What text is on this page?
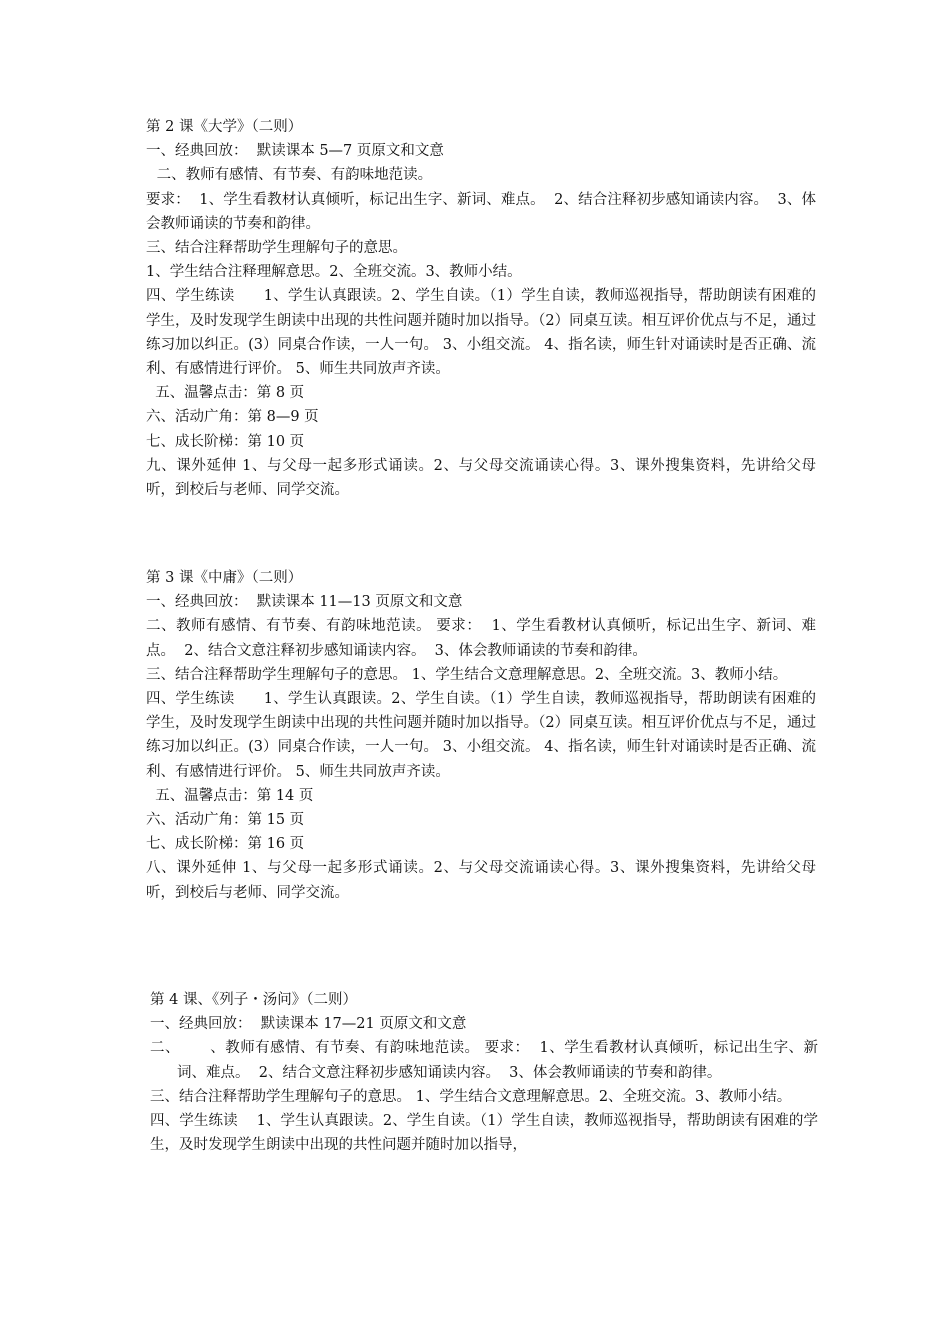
第 2 课《大学》（二则）

一、经典回放：  默读课本 5—7 页原文和文意

二、教师有感情、有节奏、有韵味地范读。

要求：  1、学生看教材认真倾听，标记出生字、新词、难点。  2、结合注释初步感知诵读内容。  3、体会教师诵读的节奏和韵律。

三、结合注释帮助学生理解句子的意思。

1、学生结合注释理解意思。2、全班交流。3、教师小结。

四、学生练读      1、学生认真跟读。2、学生自读。（1）学生自读，教师巡视指导，帮助朗读有困难的学生，及时发现学生朗读中出现的共性问题并随时加以指导。（2）同桌互读。相互评价优点与不足，通过练习加以纠正。(3）同桌合作读，一人一句。 3、小组交流。 4、指名读，师生针对诵读时是否正确、流利、有感情进行评价。 5、师生共同放声齐读。

五、温馨点击：第 8 页

六、活动广角：第 8—9 页

七、成长阶梯：第 10 页

九、课外延伸 1、与父母一起多形式诵读。2、与父母交流诵读心得。3、课外搜集资料，先讲给父母听，到校后与老师、同学交流。

第 3 课《中庸》（二则）

一、经典回放：  默读课本 11—13 页原文和文意

二、教师有感情、有节奏、有韵味地范读。 要求：  1、学生看教材认真倾听，标记出生字、新词、难点。  2、结合文意注释初步感知诵读内容。  3、体会教师诵读的节奏和韵律。

三、结合注释帮助学生理解句子的意思。 1、学生结合文意理解意思。2、全班交流。3、教师小结。

四、学生练读      1、学生认真跟读。2、学生自读。（1）学生自读，教师巡视指导，帮助朗读有困难的学生，及时发现学生朗读中出现的共性问题并随时加以指导。（2）同桌互读。相互评价优点与不足，通过练习加以纠正。(3）同桌合作读，一人一句。 3、小组交流。 4、指名读，师生针对诵读时是否正确、流利、有感情进行评价。 5、师生共同放声齐读。

五、温馨点击：第 14 页

六、活动广角：第 15 页

七、成长阶梯：第 16 页

八、课外延伸 1、与父母一起多形式诵读。2、与父母交流诵读心得。3、课外搜集资料，先讲给父母听，到校后与老师、同学交流。

第 4 课、《列子・汤问》（二则）

一、经典回放：  默读课本 17—21 页原文和文意

二、      、教师有感情、有节奏、有韵味地范读。 要求：  1、学生看教材认真倾听，标记出生字、新词、难点。  2、结合文意注释初步感知诵读内容。  3、体会教师诵读的节奏和韵律。

三、结合注释帮助学生理解句子的意思。 1、学生结合文意理解意思。2、全班交流。3、教师小结。

四、学生练读    1、学生认真跟读。2、学生自读。（1）学生自读，教师巡视指导，帮助朗读有困难的学生，及时发现学生朗读中出现的共性问题并随时加以指导，
